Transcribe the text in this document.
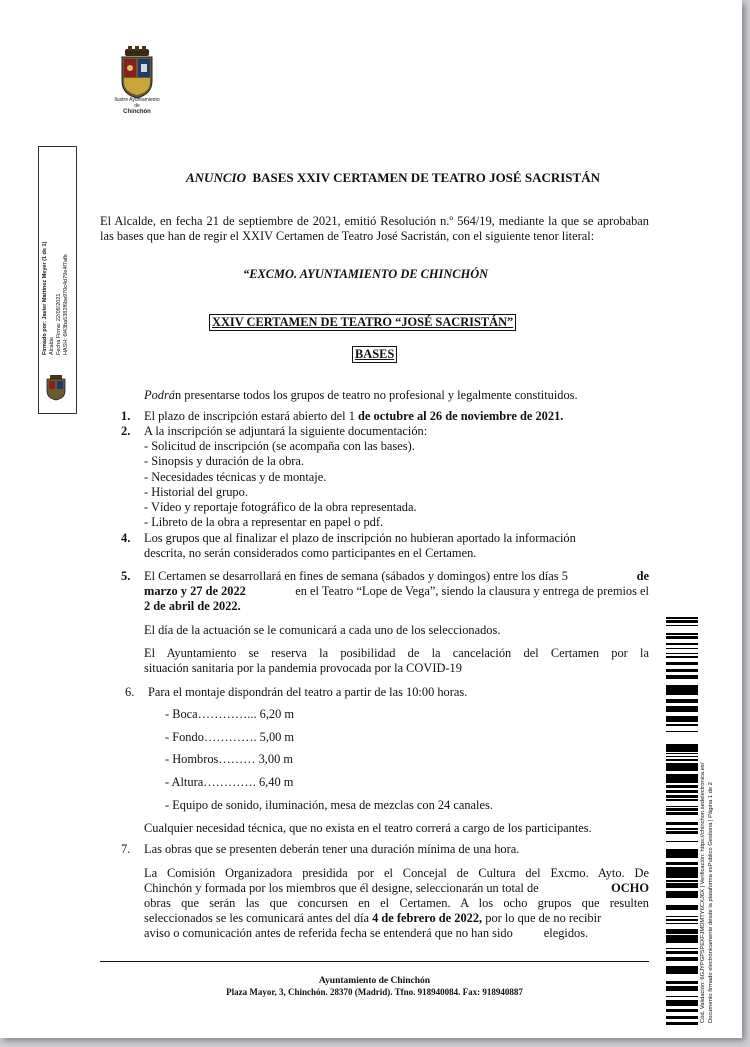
Ilustre Ayuntamiento
de
Chinchón
Firmado por: Javier Martínez Meyer (1 de 1) Alcalde Fecha Firma: 22/09/2021 HASH: 6f43ba5382f6ba970c4d79e4f7afb
ANUNCIO BASES XXIV CERTAMEN DE TEATRO JOSÉ SACRISTÁN
El Alcalde, en fecha 21 de septiembre de 2021, emitió Resolución n.º 564/19, mediante la que se aprobaban las bases que han de regir el XXIV Certamen de Teatro José Sacristán, con el siguiente tenor literal:
“EXCMO. AYUNTAMIENTO DE CHINCHÓN
XXIV CERTAMEN DE TEATRO “JOSÉ SACRISTÁN”
BASES
Podrán presentarse todos los grupos de teatro no profesional y legalmente constituidos.
1. El plazo de inscripción estará abierto del 1 de octubre al 26 de noviembre de 2021.
2. A la inscripción se adjuntará la siguiente documentación:
- Solicitud de inscripción (se acompaña con las bases).
- Sinopsis y duración de la obra.
- Necesidades técnicas y de montaje.
- Historial del grupo.
- Vídeo y reportaje fotográfico de la obra representada.
- Libreto de la obra a representar en papel o pdf.
4. Los grupos que al finalizar el plazo de inscripción no hubieran aportado la información
descrita, no serán considerados como participantes en el Certamen.
5. El Certamen se desarrollará en fines de semana (sábados y domingos) entre los días 5	de
marzo y 27 de 2022	en el Teatro “Lope de Vega”, siendo la clausura y entrega de premios el
2 de abril de 2022.
El día de la actuación se le comunicará a cada uno de los seleccionados.
El Ayuntamiento se reserva la posibilidad de la cancelación del Certamen por la
situación sanitaria por la pandemia provocada por la COVID-19
6. Para el montaje dispondrán del teatro a partir de las 10:00 horas.
- Boca…………... 6,20 m
- Fondo…………. 5,00 m
- Hombros……… 3,00 m
- Altura…………. 6,40 m
- Equipo de sonido, iluminación, mesa de mezclas con 24 canales.
Cualquier necesidad técnica, que no exista en el teatro correrá a cargo de los participantes.
7. Las obras que se presenten deberán tener una duración mínima de una hora.
La Comisión Organizadora presidida por el Concejal de Cultura del Excmo. Ayto. De
Chinchón y formada por los miembros que él designe, seleccionarán un total de	OCHO
obras que serán las que concursen en el Certamen. A los ocho grupos que resulten
seleccionados se les comunicará antes del día 4 de febrero de 2022, por lo que de no recibir
aviso o comunicación antes de referida fecha se entenderá que no han sido          elegidos.
Ayuntamiento de Chinchón
Plaza Mayor, 3, Chinchón. 28370 (Madrid). Tfno. 918940084. Fax: 918940887	Cód. Validación: 6GJYPGP5PEXFJMDMTY6CXJ6X | Verificación: https://chinchon.sedelectronica.es/ Documento firmado electrónicamente desde la plataforma esPublico Gestiona | Página 1 de 2
